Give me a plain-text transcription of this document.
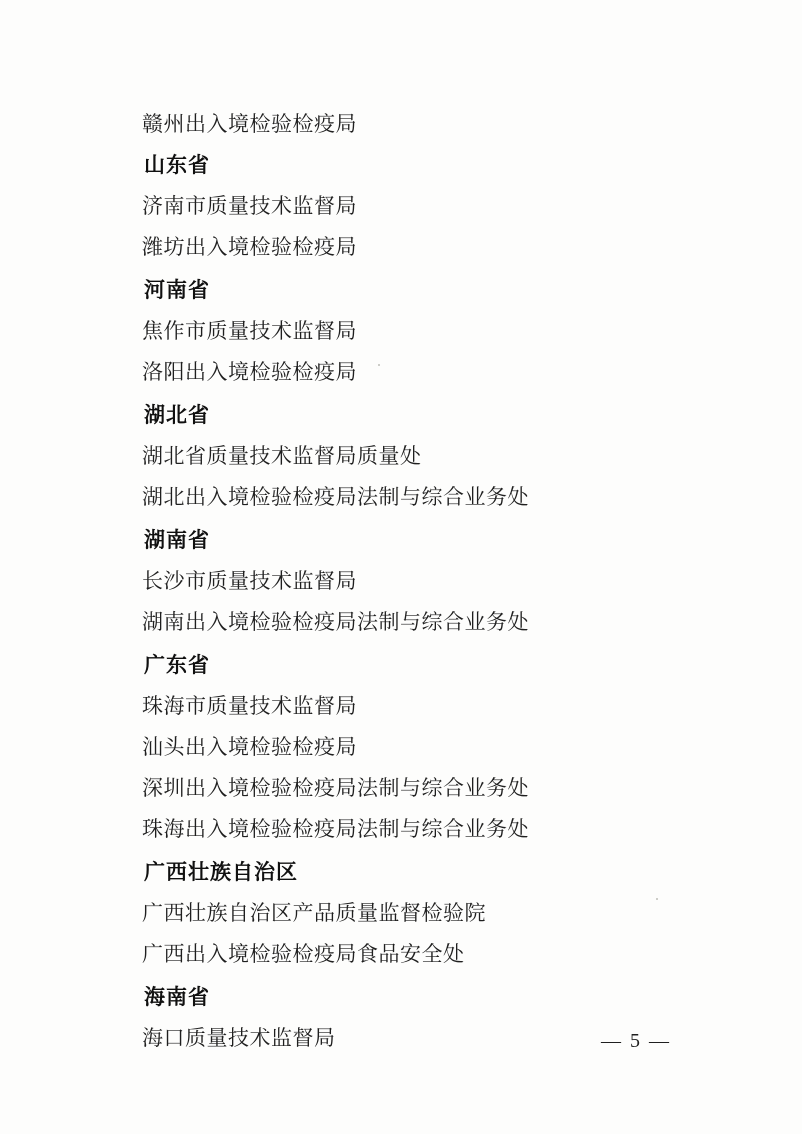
赣州出入境检验检疫局
山东省
济南市质量技术监督局
潍坊出入境检验检疫局
河南省
焦作市质量技术监督局
洛阳出入境检验检疫局
湖北省
湖北省质量技术监督局质量处
湖北出入境检验检疫局法制与综合业务处
湖南省
长沙市质量技术监督局
湖南出入境检验检疫局法制与综合业务处
广东省
珠海市质量技术监督局
汕头出入境检验检疫局
深圳出入境检验检疫局法制与综合业务处
珠海出入境检验检疫局法制与综合业务处
广西壮族自治区
广西壮族自治区产品质量监督检验院
广西出入境检验检疫局食品安全处
海南省
海口质量技术监督局	— 5 —
